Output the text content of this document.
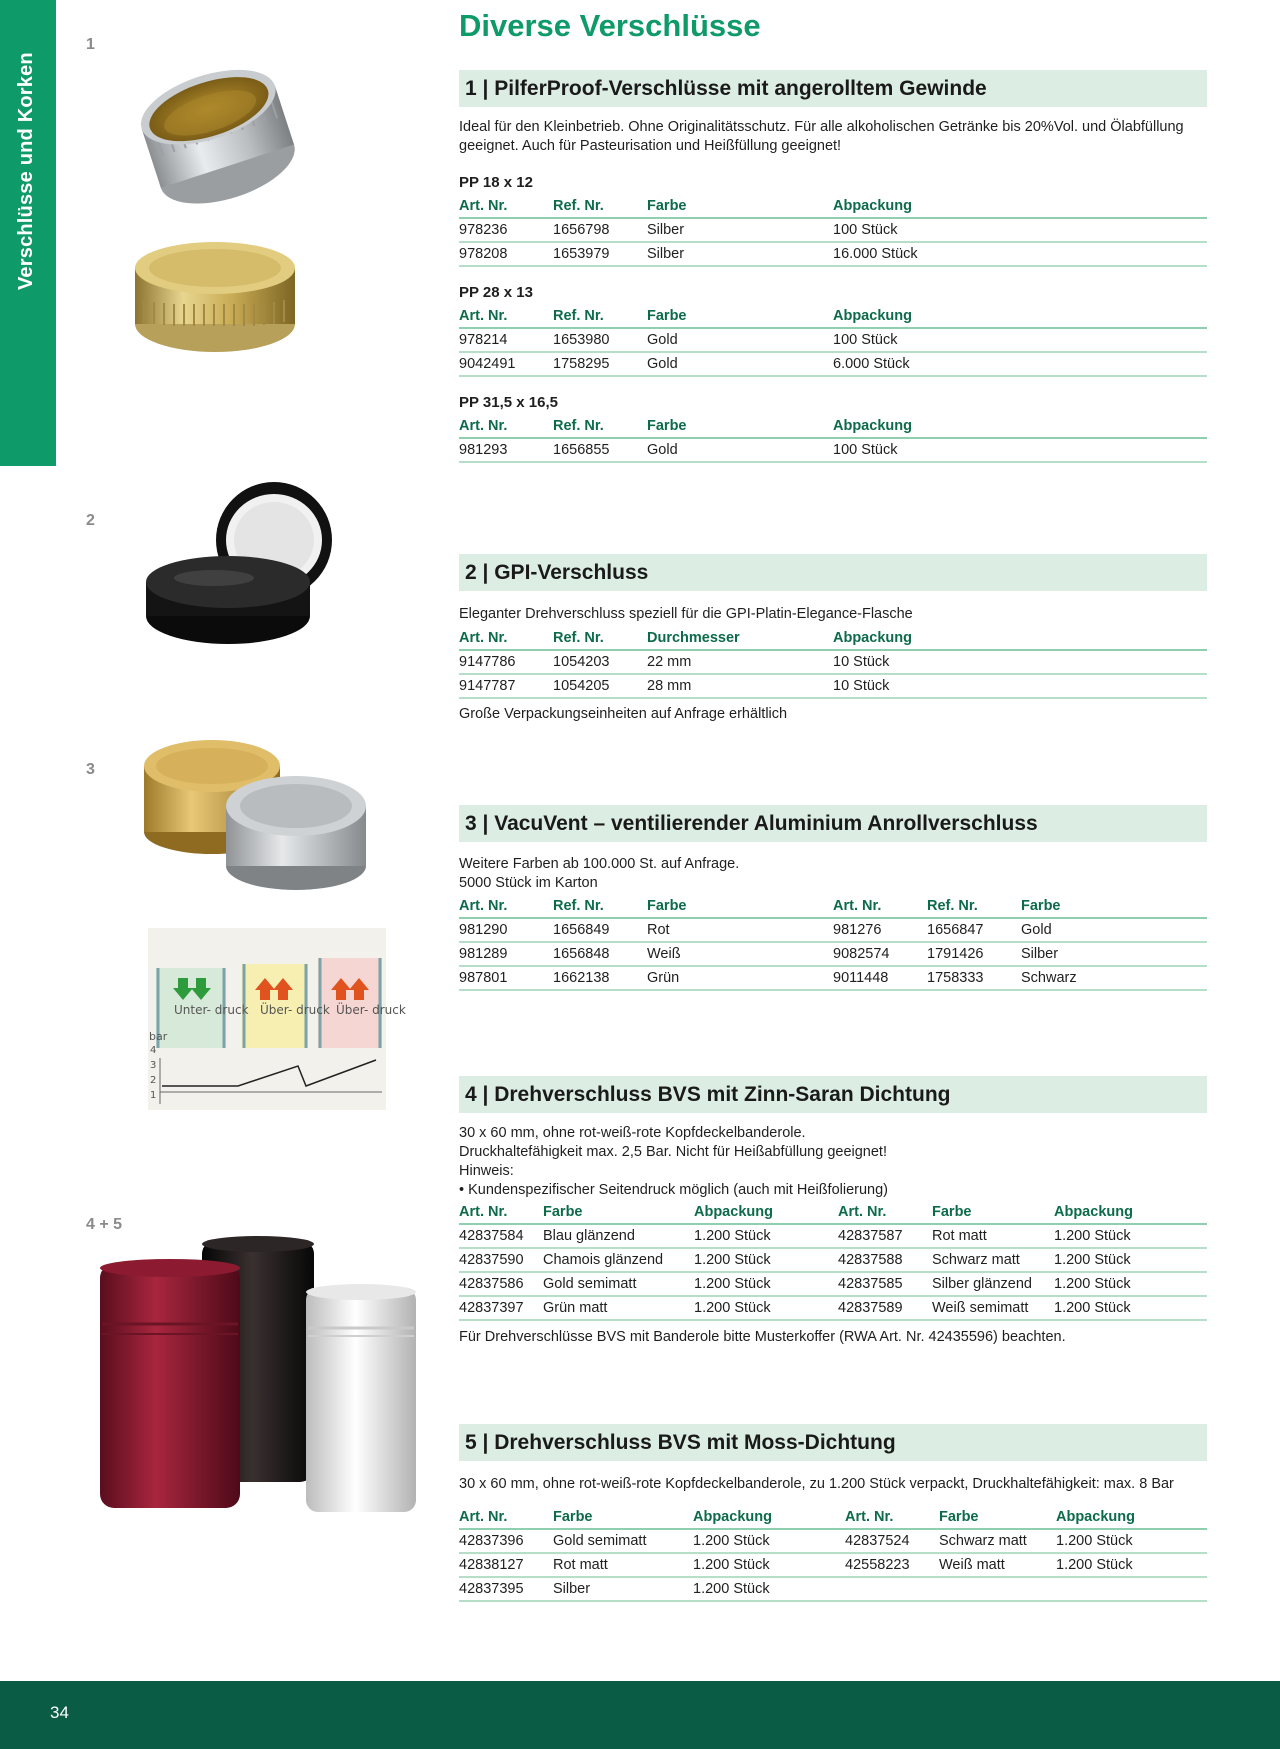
Verschlüsse und Korken
1
2
3
4 + 5
Unter- druck Über- druck Über- druck
bar
4
3
2
1
Diverse Verschlüsse
1 | PilferProof-Verschlüsse mit angerolltem Gewinde
Ideal für den Kleinbetrieb. Ohne Originalitätsschutz. Für alle alkoholischen Getränke bis 20%Vol. und Ölabfüllung geeignet. Auch für Pasteurisation und Heißfüllung geeignet!
PP 18 x 12
Art. Nr.	Ref. Nr.	Farbe	Abpackung
978236	1656798	Silber	100 Stück
978208	1653979	Silber	16.000 Stück
PP 28 x 13
Art. Nr.	Ref. Nr.	Farbe	Abpackung
978214	1653980	Gold	100 Stück
9042491	1758295	Gold	6.000 Stück
PP 31,5 x 16,5
Art. Nr.	Ref. Nr.	Farbe	Abpackung
981293	1656855	Gold	100 Stück
2 | GPI-Verschluss
Eleganter Drehverschluss speziell für die GPI-Platin-Elegance-Flasche
Art. Nr.	Ref. Nr.	Durchmesser	Abpackung
9147786	1054203	22 mm	10 Stück
9147787	1054205	28 mm	10 Stück
Große Verpackungseinheiten auf Anfrage erhältlich
3 | VacuVent – ventilierender Aluminium Anrollverschluss
Weitere Farben ab 100.000 St. auf Anfrage.
5000 Stück im Karton
Art. Nr.	Ref. Nr.	Farbe	Art. Nr.	Ref. Nr.	Farbe
981290	1656849	Rot	981276	1656847	Gold
981289	1656848	Weiß	9082574	1791426	Silber
987801	1662138	Grün	9011448	1758333	Schwarz
4 | Drehverschluss BVS mit Zinn-Saran Dichtung
30 x 60 mm, ohne rot-weiß-rote Kopfdeckelbanderole.
Druckhaltefähigkeit max. 2,5 Bar. Nicht für Heißabfüllung geeignet!
Hinweis:
• Kundenspezifischer Seitendruck möglich (auch mit Heißfolierung)
Art. Nr.	Farbe	Abpackung	Art. Nr.	Farbe	Abpackung
42837584	Blau glänzend	1.200 Stück	42837587	Rot matt	1.200 Stück
42837590	Chamois glänzend	1.200 Stück	42837588	Schwarz matt	1.200 Stück
42837586	Gold semimatt	1.200 Stück	42837585	Silber glänzend	1.200 Stück
42837397	Grün matt	1.200 Stück	42837589	Weiß semimatt	1.200 Stück
Für Drehverschlüsse BVS mit Banderole bitte Musterkoffer (RWA Art. Nr. 42435596) beachten.
5 | Drehverschluss BVS mit Moss-Dichtung
30 x 60 mm, ohne rot-weiß-rote Kopfdeckelbanderole, zu 1.200 Stück verpackt, Druckhaltefähigkeit: max. 8 Bar
Art. Nr.	Farbe	Abpackung	Art. Nr.	Farbe	Abpackung
42837396	Gold semimatt	1.200 Stück	42837524	Schwarz matt	1.200 Stück
42838127	Rot matt	1.200 Stück	42558223	Weiß matt	1.200 Stück
42837395	Silber	1.200 Stück			
34
